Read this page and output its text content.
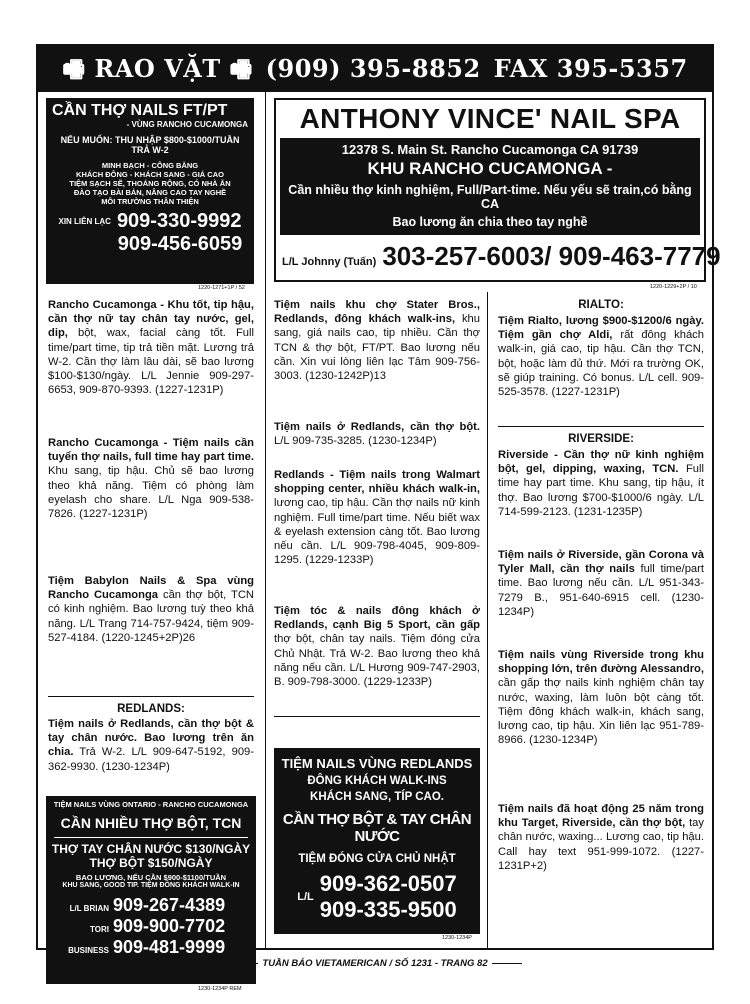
🖷 RAO VẶT 🖷 (909) 395-8852 FAX 395-5357
CẦN THỢ NAILS FT/PT
- VÙNG RANCHO CUCAMONGA
NẾU MUỐN: THU NHẬP $800-$1000/TUẦN
TRẢ W-2
MINH BẠCH - CÔNG BẰNG
KHÁCH ĐÔNG - KHÁCH SANG - GIÁ CAO
TIỆM SẠCH SẼ, THOÁNG RỘNG, CÓ NHÀ ĂN
ĐÀO TẠO BÀI BẢN, NÂNG CAO TAY NGHỀ
MÔI TRƯỜNG THÂN THIỆN
XIN LIÊN LẠC 909-330-9992
909-456-6059
1220-1271+1P / 52
Rancho Cucamonga - Khu tốt, tip hậu, cần thợ nữ tay chân tay nước, gel, dip, bột, wax, facial càng tốt. Full time/part time, tip trả tiền mặt. Lương trả W-2. Cần thợ làm lâu dài, sẽ bao lương $100-$130/ngày. L/L Jennie 909-297-6653, 909-870-9393. (1227-1231P)
Rancho Cucamonga - Tiệm nails cần tuyển thợ nails, full time hay part time. Khu sang, tip hậu. Chủ sẽ bao lương theo khả năng. Tiệm có phòng làm eyelash cho share. L/L Nga 909-538-7826. (1227-1231P)
Tiệm Babylon Nails & Spa vùng Rancho Cucamonga cần thợ bột, TCN có kinh nghiệm. Bao lương tuỳ theo khả năng. L/L Trang 714-757-9424, tiệm 909-527-4184. (1220-1245+2P)26
REDLANDS:
Tiệm nails ở Redlands, cần thợ bột & tay chân nước. Bao lương trên ăn chia. Trả W-2. L/L 909-647-5192, 909-362-9930. (1230-1234P)
TIỆM NAILS VÙNG ONTARIO - RANCHO CUCAMONGA
CẦN NHIỀU THỢ BỘT, TCN
THỢ TAY CHÂN NƯỚC $130/NGÀY
THỢ BỘT $150/NGÀY
BAO LƯƠNG, NẾU CẦN $900-$1100/TUẦN
KHU SANG, GOOD TIP. TIỆM ĐÔNG KHÁCH WALK-IN
L/L BRIAN 909-267-4389
TORI 909-900-7702
BUSINESS 909-481-9999
1230-1234P REM
ANTHONY VINCE' NAIL SPA
12378 S. Main St. Rancho Cucamonga CA 91739
KHU RANCHO CUCAMONGA -
Cần nhiều thợ kinh nghiệm, Full/Part-time. Nếu yếu sẽ train,có bằng CA
Bao lương ăn chia theo tay nghề
L/L Johnny (Tuấn) 303-257-6003/ 909-463-7779
1220-1229+2P / 10
Tiệm nails khu chợ Stater Bros., Redlands, đông khách walk-ins, khu sang, giá nails cao, tip nhiều. Cần thợ TCN & thợ bột, FT/PT. Bao lương nếu cần. Xin vui lòng liên lạc Tâm 909-756-3003. (1230-1242P)13
Tiệm nails ở Redlands, cần thợ bột. L/L 909-735-3285. (1230-1234P)
Redlands - Tiệm nails trong Walmart shopping center, nhiều khách walk-in, lương cao, tip hậu. Cần thợ nails nữ kinh nghiệm. Full time/part time. Nếu biết wax & eyelash extension càng tốt. Bao lương nếu cần. L/L 909-798-4045, 909-809-1295. (1229-1233P)
Tiệm tóc & nails đông khách ở Redlands, cạnh Big 5 Sport, cần gấp thợ bột, chân tay nails. Tiệm đóng cửa Chủ Nhật. Trả W-2. Bao lương theo khả năng nếu cần. L/L Hương 909-747-2903, B. 909-798-3000. (1229-1233P)
TIỆM NAILS VÙNG REDLANDS
ĐÔNG KHÁCH WALK-INS
KHÁCH SANG, TÍP CAO.
CẦN THỢ BỘT & TAY CHÂN NƯỚC
TIỆM ĐÓNG CỬA CHỦ NHẬT
L/L
909-362-0507
909-335-9500
1230-1234P
RIALTO:
Tiệm Rialto, lương $900-$1200/6 ngày. Tiệm gần chợ Aldi, rất đông khách walk-in, giá cao, tip hậu. Cần thợ TCN, bột, hoặc làm đủ thứ. Mới ra trường OK, sẽ giúp training. Có bonus. L/L cell. 909-525-3578. (1227-1231P)
RIVERSIDE:
Riverside - Cần thợ nữ kinh nghiệm bột, gel, dipping, waxing, TCN. Full time hay part time. Khu sang, tip hậu, ít thợ. Bao lương $700-$1000/6 ngày. L/L 714-599-2123. (1231-1235P)
Tiệm nails ở Riverside, gần Corona và Tyler Mall, cần thợ nails full time/part time. Bao lương nếu cần. L/L 951-343-7279 B., 951-640-6915 cell. (1230-1234P)
Tiệm nails vùng Riverside trong khu shopping lớn, trên đường Alessandro, cần gấp thợ nails kinh nghiệm chân tay nước, waxing, làm luôn bột càng tốt. Tiệm đông khách walk-in, khách sang, lương cao, tip hậu. Xin liên lạc 951-789-8966. (1230-1234P)
Tiệm nails đã hoạt động 25 năm trong khu Target, Riverside, cần thợ bột, tay chân nước, waxing... Lương cao, tip hậu. Call hay text 951-999-1072. (1227-1231P+2)
TUẦN BÁO VIETAMERICAN / SỐ 1231 - TRANG 82
